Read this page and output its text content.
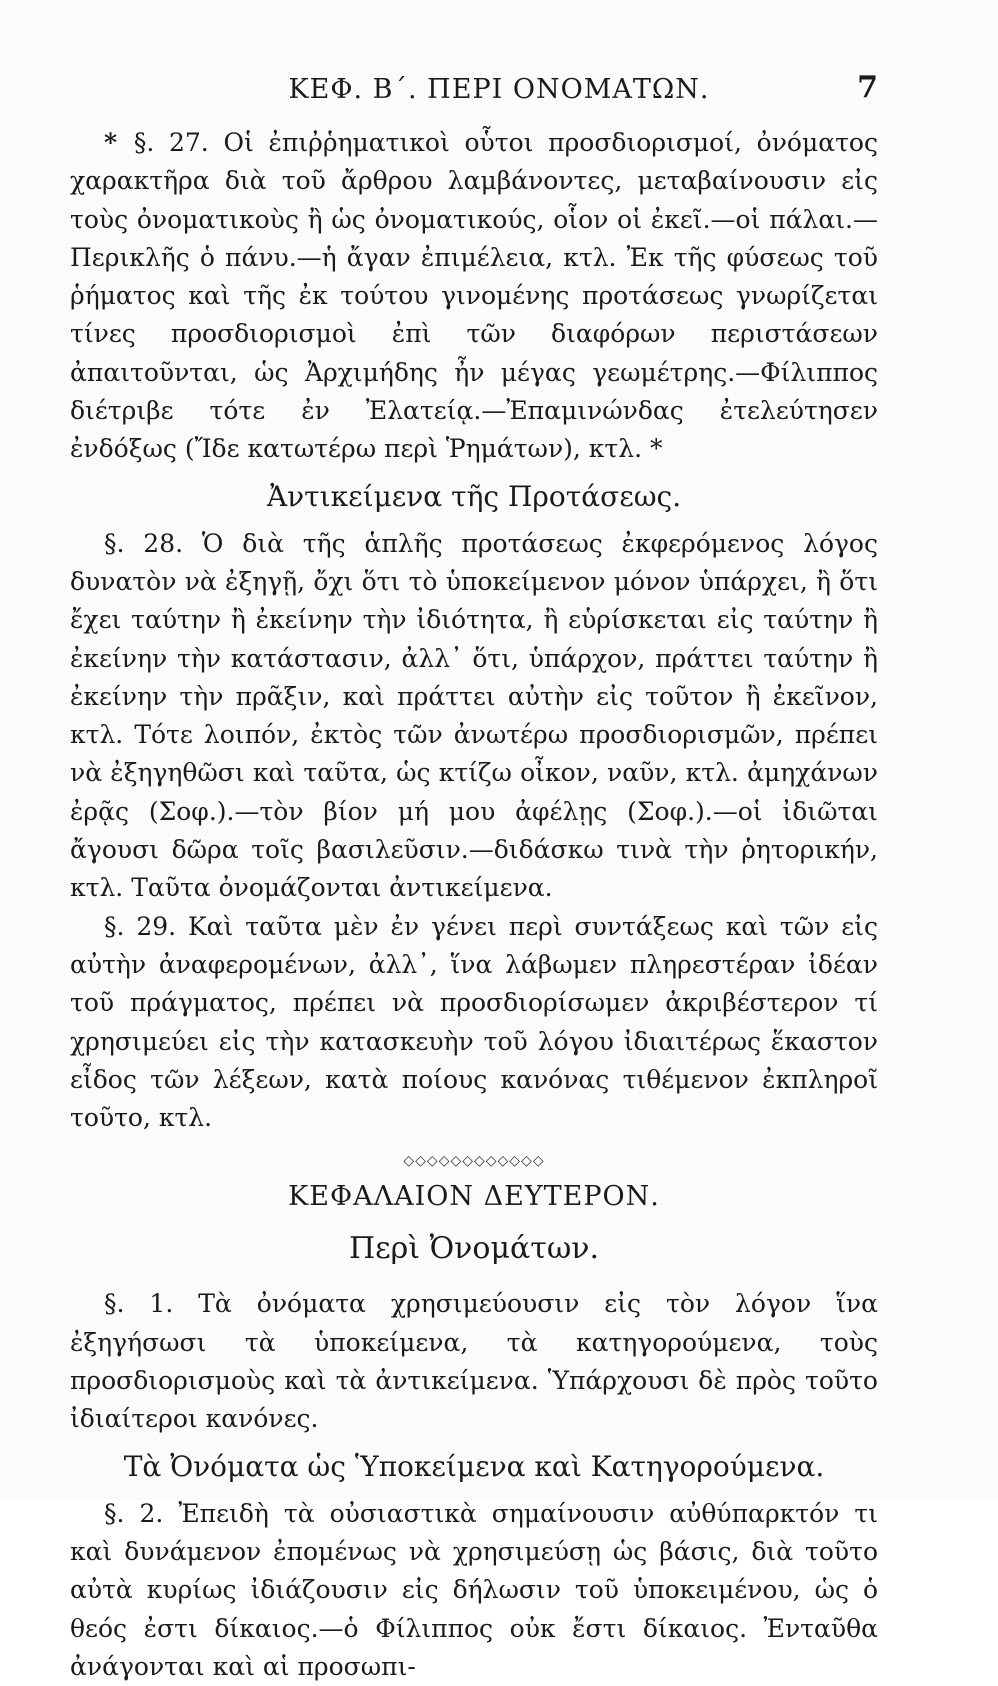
ΚΕΦ. Β΄. ΠΕΡΙ ΟΝΟΜΑΤΩΝ.	7

* §. 27. Οἱ ἐπιῤῥηματικοὶ οὗτοι προσδιορισμοί, ὀνόματος χαρακτῆρα διὰ τοῦ ἄρθρου λαμβάνοντες, μεταβαίνουσιν εἰς τοὺς ὀνοματικοὺς ἢ ὡς ὀνοματικούς, οἷον οἱ ἐκεῖ.—οἱ πάλαι.—Περικλῆς ὁ πάνυ.—ἡ ἄγαν ἐπιμέλεια, κτλ. Ἐκ τῆς φύσεως τοῦ ῥήματος καὶ τῆς ἐκ τούτου γινομένης προτάσεως γνωρίζεται τίνες προσδιορισμοὶ ἐπὶ τῶν διαφόρων περιστάσεων ἀπαιτοῦνται, ὡς Ἀρχιμήδης ἦν μέγας γεωμέτρης.—Φίλιππος διέτριβε τότε ἐν Ἐλατείᾳ.—Ἐπαμινώνδας ἐτελεύτησεν ἐνδόξως (Ἴδε κατωτέρω περὶ Ῥημάτων), κτλ. *

Ἀντικείμενα τῆς Προτάσεως.

§. 28. Ὁ διὰ τῆς ἁπλῆς προτάσεως ἐκφερόμενος λόγος δυνατὸν νὰ ἐξηγῇ, ὄχι ὅτι τὸ ὑποκείμενον μόνον ὑπάρχει, ἢ ὅτι ἔχει ταύτην ἢ ἐκείνην τὴν ἰδιότητα, ἢ εὑρίσκεται εἰς ταύτην ἢ ἐκείνην τὴν κατάστασιν, ἀλλ᾽ ὅτι, ὑπάρχον, πράττει ταύτην ἢ ἐκείνην τὴν πρᾶξιν, καὶ πράττει αὐτὴν εἰς τοῦτον ἢ ἐκεῖνον, κτλ. Τότε λοιπόν, ἐκτὸς τῶν ἀνωτέρω προσδιορισμῶν, πρέπει νὰ ἐξηγηθῶσι καὶ ταῦτα, ὡς κτίζω οἶκον, ναῦν, κτλ. ἀμηχάνων ἐρᾷς (Σοφ.).—τὸν βίον μή μου ἀφέλῃς (Σοφ.).—οἱ ἰδιῶται ἄγουσι δῶρα τοῖς βασιλεῦσιν.—διδάσκω τινὰ τὴν ῥητορικήν, κτλ. Ταῦτα ὀνομάζονται ἀντικείμενα.

§. 29. Καὶ ταῦτα μὲν ἐν γένει περὶ συντάξεως καὶ τῶν εἰς αὐτὴν ἀναφερομένων, ἀλλ᾽, ἵνα λάβωμεν πληρεστέραν ἰδέαν τοῦ πράγματος, πρέπει νὰ προσδιορίσωμεν ἀκριβέστερον τί χρησιμεύει εἰς τὴν κατασκευὴν τοῦ λόγου ἰδιαιτέρως ἕκαστον εἶδος τῶν λέξεων, κατὰ ποίους κανόνας τιθέμενον ἐκπληροῖ τοῦτο, κτλ.

◇◇◇◇◇◇◇◇◇◇◇◇
ΚΕΦΑΛΑΙΟΝ ΔΕΥΤΕΡΟΝ.
Περὶ Ὀνομάτων.

§. 1. Τὰ ὀνόματα χρησιμεύουσιν εἰς τὸν λόγον ἵνα ἐξηγήσωσι τὰ ὑποκείμενα, τὰ κατηγορούμενα, τοὺς προσδιορισμοὺς καὶ τὰ ἀντικείμενα. Ὑπάρχουσι δὲ πρὸς τοῦτο ἰδιαίτεροι κανόνες.

Τὰ Ὀνόματα ὡς Ὑποκείμενα καὶ Κατηγορούμενα.

§. 2. Ἐπειδὴ τὰ οὐσιαστικὰ σημαίνουσιν αὐθύπαρκτόν τι καὶ δυνάμενον ἐπομένως νὰ χρησιμεύσῃ ὡς βάσις, διὰ τοῦτο αὐτὰ κυρίως ἰδιάζουσιν εἰς δήλωσιν τοῦ ὑποκειμένου, ὡς ὁ θεός ἐστι δίκαιος.—ὁ Φίλιππος οὐκ ἔστι δίκαιος. Ἐνταῦθα ἀνάγονται καὶ αἱ προσωπι-
